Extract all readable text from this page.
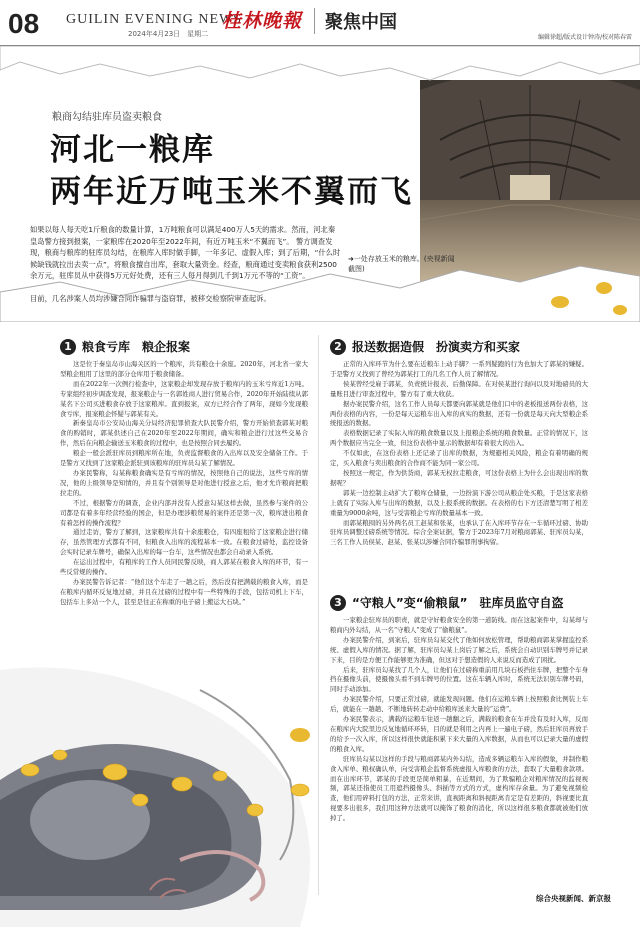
08 GUILIN EVENING NEWS
2024年4月23日　星期二
桂林晚報	聚焦中国
编辑徐超/版式设计钟涛/校对陈春雷
粮商勾结驻库员盗卖粮食
河北一粮库
两年近万吨玉米不翼而飞
如果以每人每天吃1斤粮食的数量计算，1万吨粮食可以满足400万人5天的需求。然而，河北秦皇岛警方接到报案，一家粮库在2020年至2022年间，有近万吨玉米“不翼而飞”。 警方调查发现，粮商与粮库的驻库员勾结，在粮库入库时做手脚，一年多记、虚假入库；到了后期，“什么时候缺钱就拉出去卖一点”，将粮食擅自出库，套取大量资金。经查，粮商通过变卖粮食获利2500余万元，驻库员从中获得5万元好处费，还有三人每月得到几千到1万元不等的“工资”。
➜一处存放玉米的粮库。(央视新闻截图)
目前，几名涉案人员均涉嫌合同诈骗罪与盗窃罪，被移交检察院审查起诉。
1 粮食亏库　粮企报案

这是位于秦皇岛市山海关区的一个粮库，共有粮仓十余座。2020年，河北省一家大型粮企租用了这里的部分仓库用于粮食储备。

而在2022年一次例行检查中，这家粮企却发现存放于粮库内的玉米亏库近1万吨。专家组经初步调查发现，报案粮企与一名郭姓商人进行贸易合作，2020年开始陆续从郭某名下公司买进粮食存放于这家粮库。直到报案，双方已经合作了两年，现如今发现粮食亏库，报案粮企怀疑与郭某有关。

新秦皇岛市公安局山海关分局经济犯罪侦查大队民警介绍，警方开始侦查郭某对粮食的购销时，郭某供述自己在2020年至2022年期间，确实和粮企进行过这些交易合作，然后在向粮企输送玉米粮食的过程中，也是按照合同去履约。

粮企一般会派驻库员到粮库所在地，负责监督粮食的入出库以及安全储备工作。于是警方又找到了这家粮企派驻到该粮库的驻库员勾某了解情况。

办案民警称，勾某称粮食确实是有亏库的情况，按照他自己的说法，这些亏库的情况，他的上级领导是知情的，并且有个别领导是对他进行授意之后，他才允许粮商把粮拉走的。

不过，根据警方的调查，企业内部并没有人授意勾某这样去做，虽然参与案件的公司都是有着多年经营经验的国企，但是办理涉粮贸易的案件还是第一次，粮库进出粮食有着怎样的操作流程？

通过走访，警方了解到，这家粮库共有十余座粮仓，有四座租给了这家粮企进行储存，虽然管理方式都有不同，但粮食入出库的流程基本一致。在粮食过磅处，监控设备会实时记录车牌号，确保入出库的每一台车，这些情况也都会自动录入系统。

在运出过程中，有粮库的工作人员同民警反映，商人郭某在粮食入库的环节，有一些反常规的操作。

办案民警告诉记者：“他们这个车走了一趟之后，然后没有把满载的粮食入库，而是在粮库内循环反复地过磅，并且在过磅的过程中有一些特殊的手段，包括司机上下车，包括车上多站一个人，甚至是往正在称重的电子磅上搬运大石块。”

2 报送数据造假　扮演卖方和买家

正常的入库环节为什么要在近粮车上动手脚？一系列疑跑的行为也加大了郭某的嫌疑。于是警方又找到了曾经为郭某打工的几名工作人员了解情况。

侯某曾经受雇于郭某，负责统计报表、后勤保障。在对侯某进行询问以及对地磅员的大量账目进行审查过程中，警方有了重大收获。

据办案民警介绍，这名工作人员每天都要向郭某就是他们口中的老板报送两份表格，这两份表格的内容，一份是每天运粮车出入库的真实的数据，还有一份就是每天向大型粮企系统报送的数据。

表格数据记录了实际入库的粮食数量以及上报粮企系统的粮食数量。正常的情况下，这两个数据应当完全一致，但这份表格中显示的数据却有着很大的出入。

不仅如此，在这份表格上还记录了出库的数据，为规避相关风险，粮企有着明确的规定，买入粮食与卖出粮食的合作商不能为同一家公司。

按照这一规定，作为供货商，郭某无权拉走粮食，可这份表格上为什么会出现出库的数据呢？

郭某一边控制主动扩大了粮库仓储量，一边扮演下游公司从粮企处买粮，于是这家表格上就有了实际入库与出库的数据，以及上报系统的数据。在表格的右下方还清楚写明了相差重量为9000余吨，这与受害粮企亏库的数量基本一致。

而郭某粮囤的另外两名员工赵某和张某，也承认了在入库环节存在一车循环过磅、协助驻库员调整过磅系统等情况。综合全案证据，警方于2023年7月对粮商郭某、驻库员勾某，三名工作人员侯某、赵某、张某以涉嫌合同诈骗罪刑事拘留。

3 “守粮人”变“偷粮鼠”　驻库员监守自盗

一家粮企驻库员的职责，就是守好粮食安全的第一道防线。而在这起案件中，勾某却与粮商内外勾结，从一名“守粮人”变成了“偷粮鼠”。

办案民警介绍，到案后，驻库员勾某交代了他如何放松管理，帮助粮商郭某掌握监控系统、虚假入库的情况。据了解，驻库员勾某上岗后了解之后，系统会自动识别车牌号并记录下来，目的是方便工作能够更为准确，但这对于想造假的人来说反而造成了困扰。

后来，驻库员勾某找了几个人，让他们在过磅称重前用几块石板挡住车牌，把整个车身挡在摄像头前，使摄像头看不到车牌号的位置。这在车辆入库时，系统无法识别车牌号码，同时手动添加。

办案民警介绍，只要正常过磅，就能发现问题。他们在运粮车辆上按照粮食比例装上车后，就能在一趟趟、不断地转转走动中给粮库送来大量的“运费”。

办案民警表示，满载的运粮车往返一趟翻之后，满载的粮食在车并没有及时入库，反而在粮库内大院里边反复地循环环转，目的就是利用之内再上一遍电子磅，然后驻库员再放手的给予一次入库，所以这样很快就能积累下来大量的入库数据，从而也可以记录大量的虚假的粮食入库。

驻库员勾某以这样的手段与粮商郭某内外勾结，造成多辆运粮车入库的假象，并制作粮食入库单、粮权确认单，向受害粮企监督系统虚报入库粮食的方法，套取了大量粮食款项。而在出库环节，郭某的手段更是简单粗暴，在近期间，为了欺骗粮企对粮库情况的监视视频，郭某还指使员工用遮挡摄像头、斜插等方式的方式，虚构库存余量。为了避免视频检查，他们用碎料打包的方法，正常来讲，直视距离和斜视距离肯定是有差距的，斜视要比直视要多出很多，我们用这种方法就可以掩饰了粮食的消化，所以这样很多粮食都就被他们放掉了。

综合央视新闻、新京报
